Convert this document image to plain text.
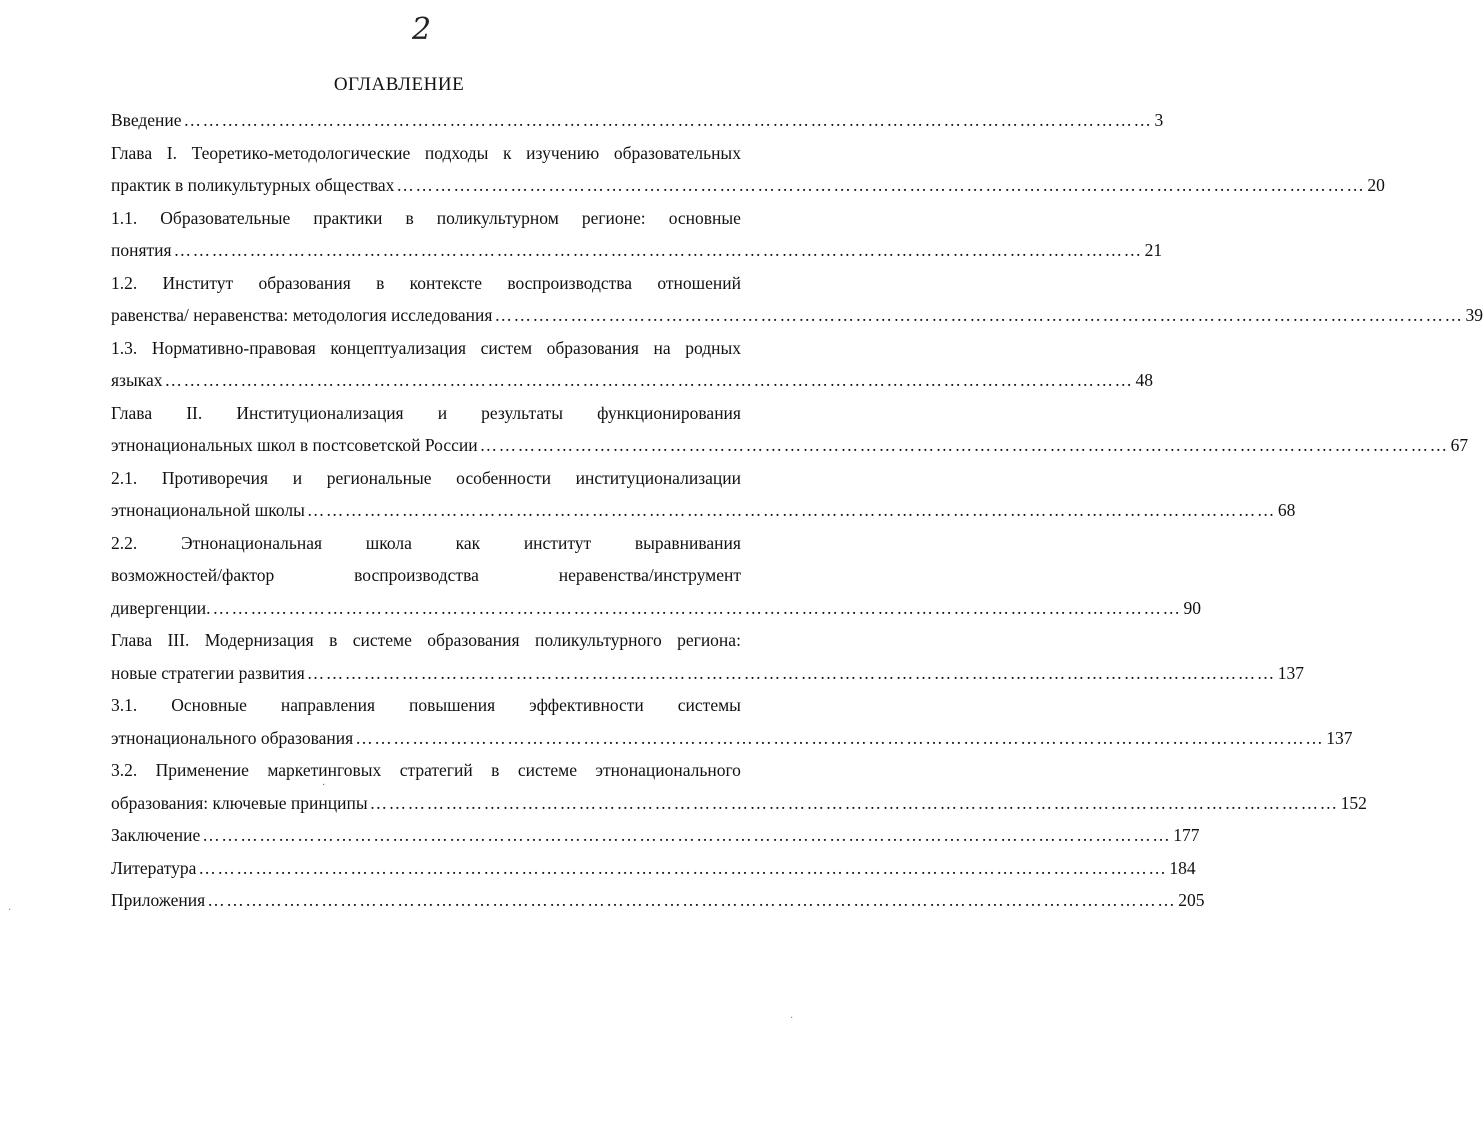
2
ОГЛАВЛЕНИЕ
Введение ……………………………………………………………………………………………………………………………………… 3
Глава I. Теоретико-методологические подходы к изучению образовательных
практик в поликультурных обществах ……………………………………………………………………………………………………………………………………… 20
1.1. Образовательные практики в поликультурном регионе: основные
понятия ……………………………………………………………………………………………………………………………………… 21
1.2. Институт образования в контексте воспроизводства отношений
равенства/ неравенства: методология исследования ……………………………………………………………………………………………………………………………………… 39
1.3. Нормативно-правовая концептуализация систем образования на родных
языках ……………………………………………………………………………………………………………………………………… 48
Глава II. Институционализация и результаты функционирования
этнонациональных школ в постсоветской России ……………………………………………………………………………………………………………………………………… 67
2.1. Противоречия и региональные особенности институционализации
этнонациональной школы ……………………………………………………………………………………………………………………………………… 68
2.2. Этнонациональная школа как институт выравнивания
возможностей/фактор	воспроизводства	неравенства/инструмент
дивергенции. ……………………………………………………………………………………………………………………………………… 90
Глава III. Модернизация в системе образования поликультурного региона:
новые стратегии развития ……………………………………………………………………………………………………………………………………… 137
3.1. Основные направления повышения эффективности системы
этнонационального образования ……………………………………………………………………………………………………………………………………… 137
3.2. Применение маркетинговых стратегий в системе этнонационального
образования: ключевые принципы ……………………………………………………………………………………………………………………………………… 152
Заключение ……………………………………………………………………………………………………………………………………… 177
Литература ……………………………………………………………………………………………………………………………………… 184
Приложения ……………………………………………………………………………………………………………………………………… 205
·
·
·
